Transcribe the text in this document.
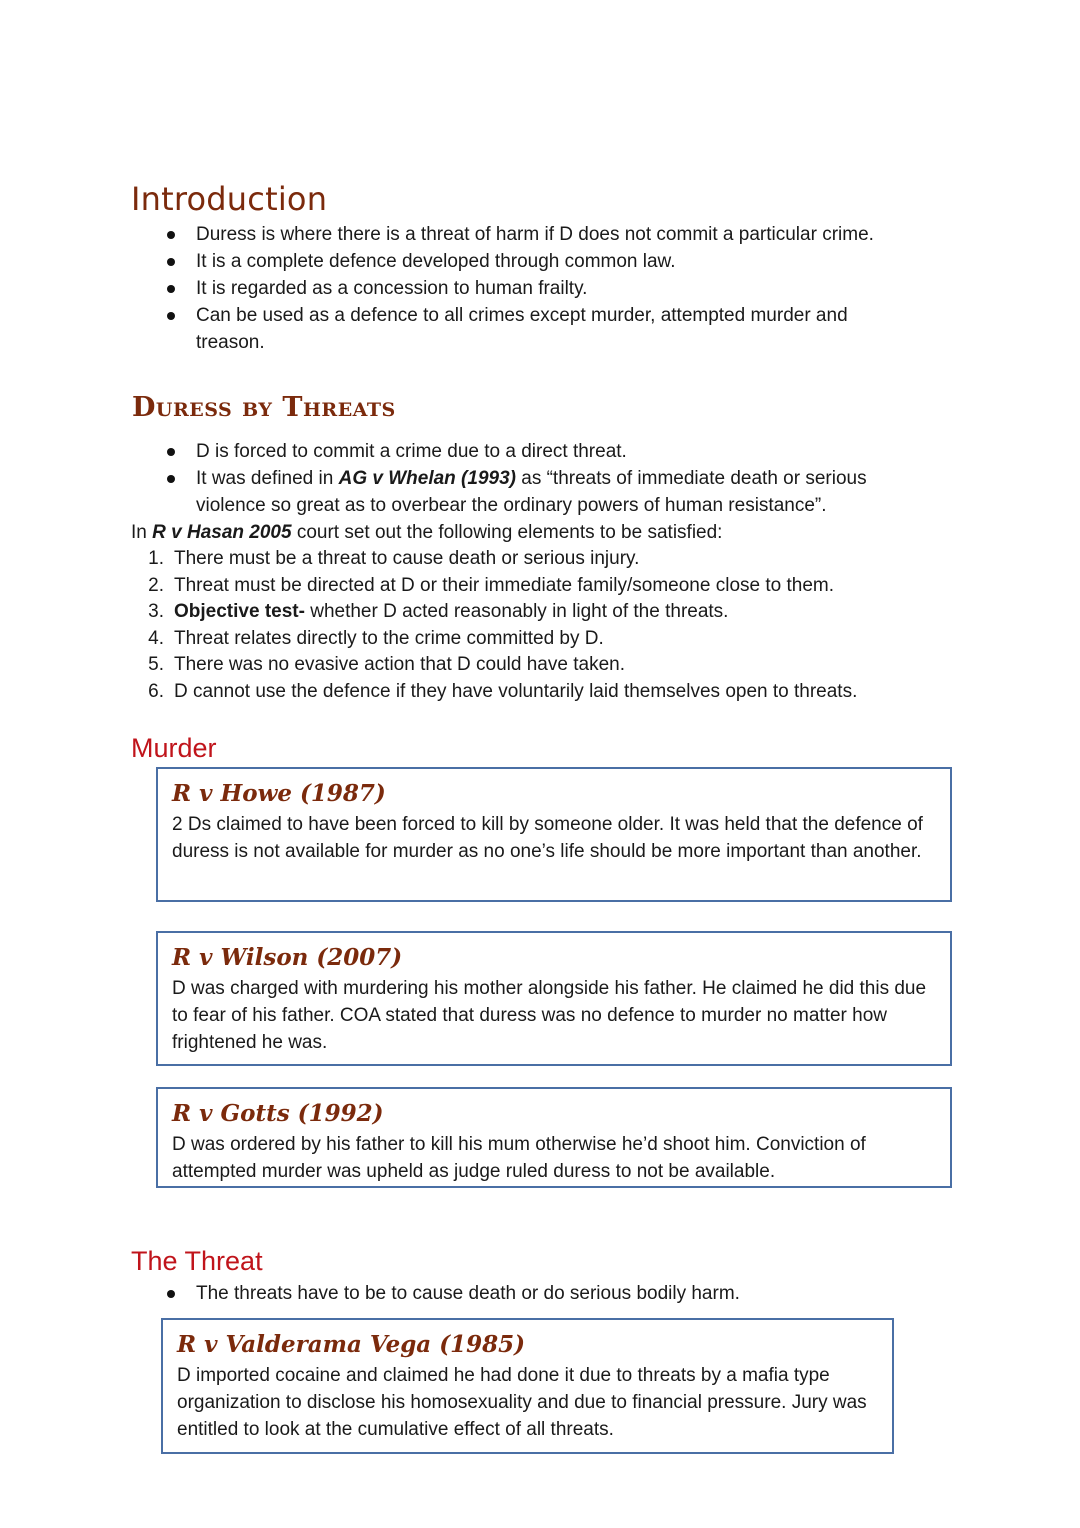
Introduction
Duress is where there is a threat of harm if D does not commit a particular crime.
It is a complete defence developed through common law.
It is regarded as a concession to human frailty.
Can be used as a defence to all crimes except murder, attempted murder and treason.
Duress by Threats
D is forced to commit a crime due to a direct threat.
It was defined in AG v Whelan (1993) as “threats of immediate death or serious violence so great as to overbear the ordinary powers of human resistance”.
In R v Hasan 2005 court set out the following elements to be satisfied:
1. There must be a threat to cause death or serious injury.
2. Threat must be directed at D or their immediate family/someone close to them.
3. Objective test- whether D acted reasonably in light of the threats.
4. Threat relates directly to the crime committed by D.
5. There was no evasive action that D could have taken.
6. D cannot use the defence if they have voluntarily laid themselves open to threats.
Murder

R v Howe (1987)

2 Ds claimed to have been forced to kill by someone older. It was held that the defence of duress is not available for murder as no one’s life should be more important than another.

R v Wilson (2007)

D was charged with murdering his mother alongside his father. He claimed he did this due to fear of his father. COA stated that duress was no defence to murder no matter how frightened he was.

R v Gotts (1992)

D was ordered by his father to kill his mum otherwise he’d shoot him. Conviction of attempted murder was upheld as judge ruled duress to not be available.

The Threat
The threats have to be to cause death or do serious bodily harm.

R v Valderama Vega (1985)

D imported cocaine and claimed he had done it due to threats by a mafia type organization to disclose his homosexuality and due to financial pressure. Jury was entitled to look at the cumulative effect of all threats.
